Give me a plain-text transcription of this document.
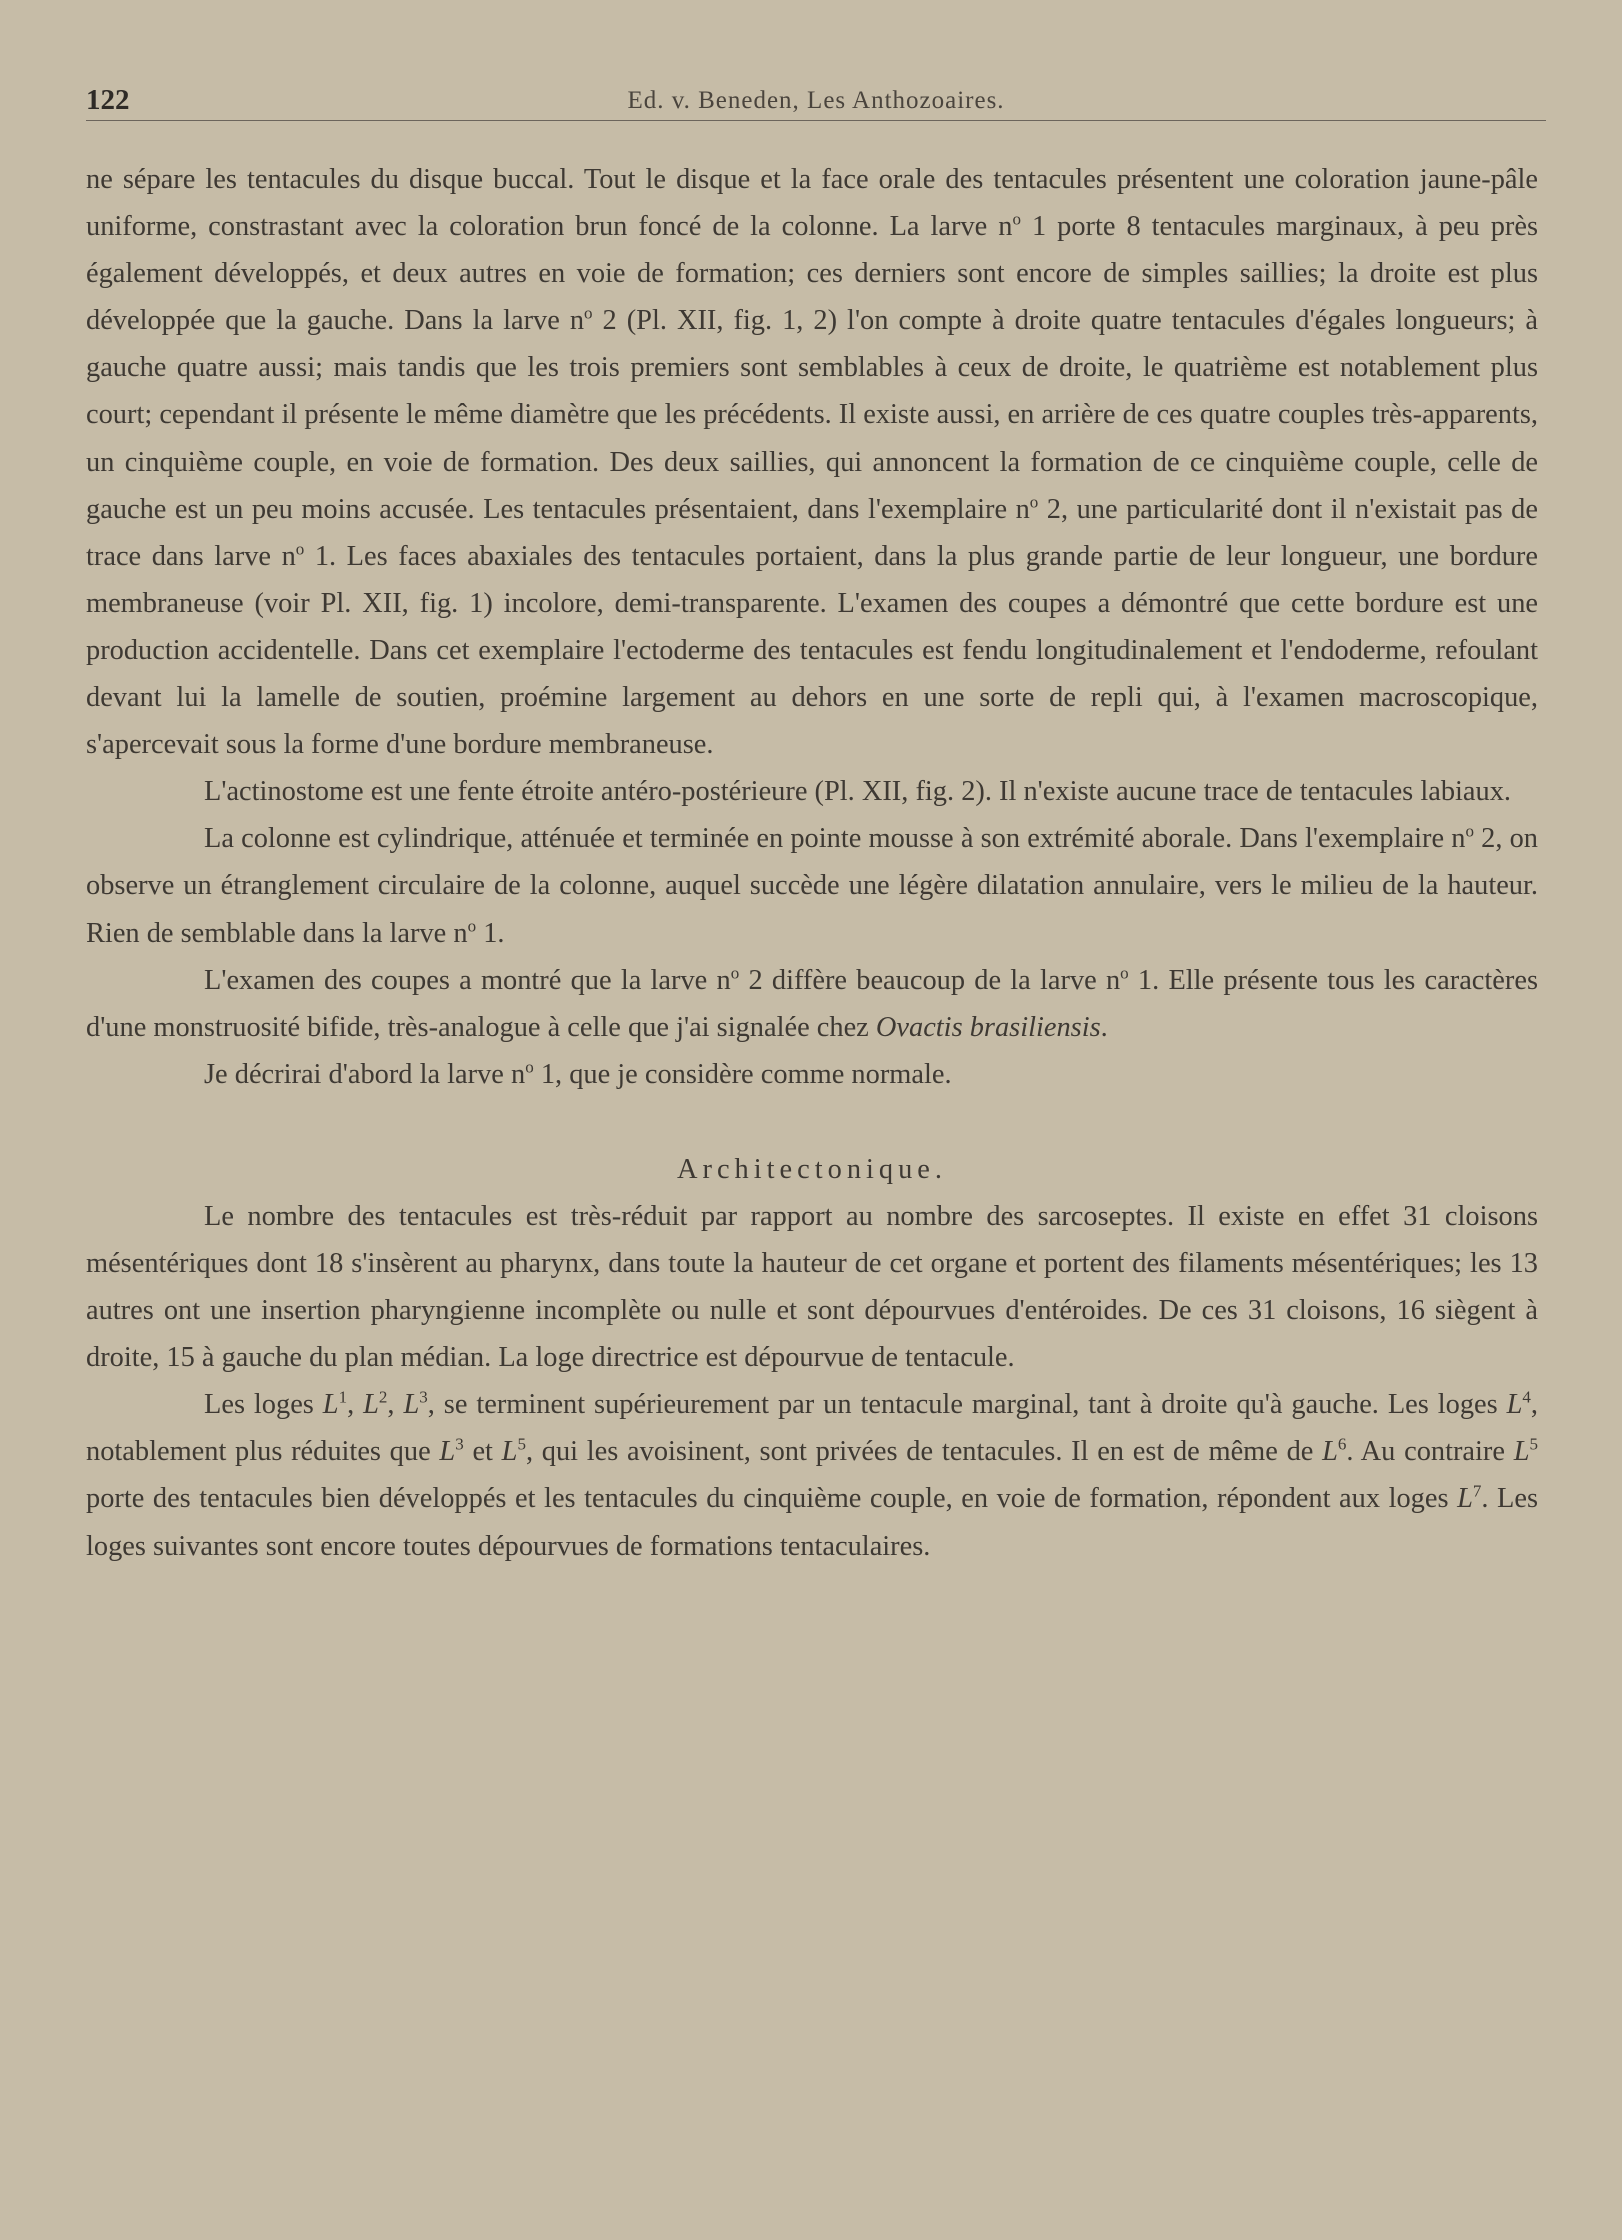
122	Ed. v. Beneden, Les Anthozoaires.

ne sépare les tentacules du disque buccal. Tout le disque et la face orale des tentacules présentent une coloration jaune-pâle uniforme, constrastant avec la coloration brun foncé de la colonne. La larve $n^o$ 1 porte 8 tentacules marginaux, à peu près également développés, et deux autres en voie de formation; ces derniers sont encore de simples saillies; la droite est plus développée que la gauche. Dans la larve $n^o$ 2 (Pl. XII, fig. 1, 2) l'on compte à droite quatre tentacules d'égales longueurs; à gauche quatre aussi; mais tandis que les trois premiers sont semblables à ceux de droite, le quatrième est notablement plus court; cependant il présente le même diamètre que les précédents. Il existe aussi, en arrière de ces quatre couples très-apparents, un cinquième couple, en voie de formation. Des deux saillies, qui annoncent la formation de ce cinquième couple, celle de gauche est un peu moins accusée. Les tentacules présentaient, dans l'exemplaire $n^o$ 2, une particularité dont il n'existait pas de trace dans larve $n^o$ 1. Les faces abaxiales des tentacules portaient, dans la plus grande partie de leur longueur, une bordure membraneuse (voir Pl. XII, fig. 1) incolore, demi-transparente. L'examen des coupes a démontré que cette bordure est une production accidentelle. Dans cet exemplaire l'ectoderme des tentacules est fendu longitudinalement et l'endoderme, refoulant devant lui la lamelle de soutien, proémine largement au dehors en une sorte de repli qui, à l'examen macroscopique, s'apercevait sous la forme d'une bordure membraneuse.

L'actinostome est une fente étroite antéro-postérieure (Pl. XII, fig. 2). Il n'existe aucune trace de tentacules labiaux.

La colonne est cylindrique, atténuée et terminée en pointe mousse à son extrémité aborale. Dans l'exemplaire $n^o$ 2, on observe un étranglement circulaire de la colonne, auquel succède une légère dilatation annulaire, vers le milieu de la hauteur. Rien de semblable dans la larve $n^o$ 1.

L'examen des coupes a montré que la larve $n^o$ 2 diffère beaucoup de la larve $n^o$ 1. Elle présente tous les caractères d'une monstruosité bifide, très-analogue à celle que j'ai signalée chez Ovactis brasiliensis.

Je décrirai d'abord la larve $n^o$ 1, que je considère comme normale.

Architectonique.

Le nombre des tentacules est très-réduit par rapport au nombre des sarcoseptes. Il existe en effet 31 cloisons mésentériques dont 18 s'insèrent au pharynx, dans toute la hauteur de cet organe et portent des filaments mésentériques; les 13 autres ont une insertion pharyngienne incomplète ou nulle et sont dépourvues d'entéroides. De ces 31 cloisons, 16 siègent à droite, 15 à gauche du plan médian. La loge directrice est dépourvue de tentacule.

Les loges $L^1$, $L^2$, $L^3$, se terminent supérieurement par un tentacule marginal, tant à droite qu'à gauche. Les loges $L^4$, notablement plus réduites que $L^3$ et $L^5$, qui les avoisinent, sont privées de tentacules. Il en est de même de $L^6$. Au contraire $L^5$ porte des tentacules bien développés et les tentacules du cinquième couple, en voie de formation, répondent aux loges $L^7$. Les loges suivantes sont encore toutes dépourvues de formations tentaculaires.
